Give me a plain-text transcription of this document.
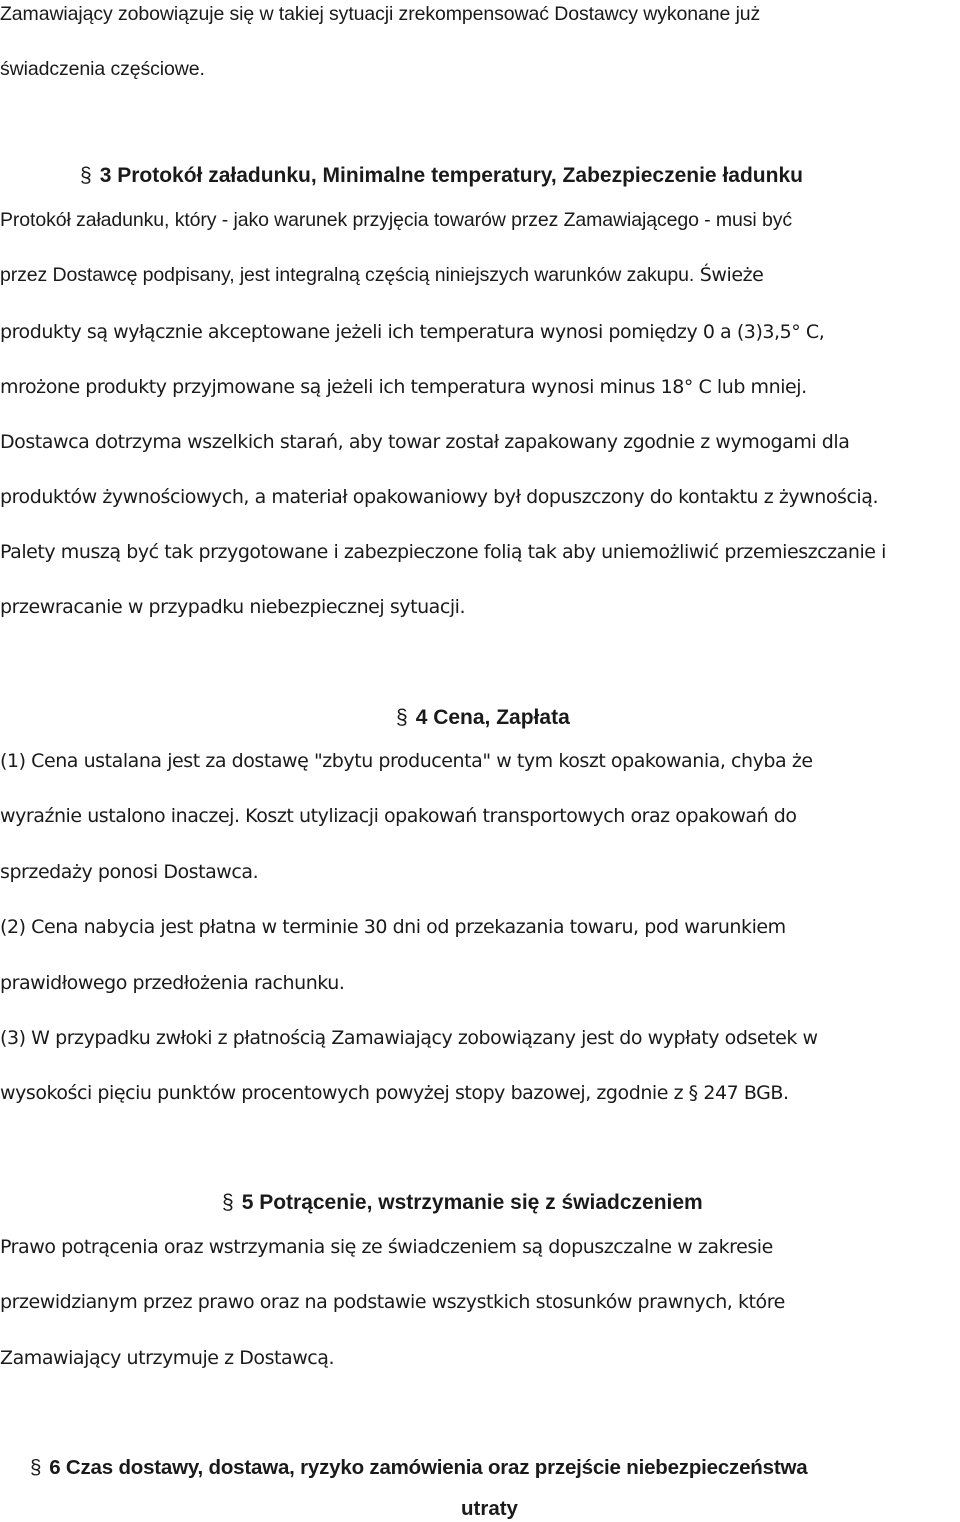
Zamawiający zobowiązuje się w takiej sytuacji zrekompensować Dostawcy wykonane już
świadczenia częściowe.
§ 3 Protokół załadunku, Minimalne temperatury, Zabezpieczenie ładunku
Protokół załadunku, który - jako warunek przyjęcia towarów przez Zamawiającego - musi być
przez Dostawcę podpisany, jest integralną częścią niniejszych warunków zakupu. Świeże
produkty są wyłącznie akceptowane jeżeli ich temperatura wynosi pomiędzy 0 a (3)3,5° C,
mrożone produkty przyjmowane są jeżeli ich temperatura wynosi minus 18° C lub mniej.
Dostawca dotrzyma wszelkich starań, aby towar został zapakowany zgodnie z wymogami dla
produktów żywnościowych, a materiał opakowaniowy był dopuszczony do kontaktu z żywnością.
Palety muszą być tak przygotowane i zabezpieczone folią tak aby uniemożliwić przemieszczanie i
przewracanie w przypadku niebezpiecznej sytuacji.
§ 4 Cena, Zapłata
(1) Cena ustalana jest za dostawę "zbytu producenta" w tym koszt opakowania, chyba że
wyraźnie ustalono inaczej. Koszt utylizacji opakowań transportowych oraz opakowań do
sprzedaży ponosi Dostawca.
(2) Cena nabycia jest płatna w terminie 30 dni od przekazania towaru, pod warunkiem
prawidłowego przedłożenia rachunku.
(3) W przypadku zwłoki z płatnością Zamawiający zobowiązany jest do wypłaty odsetek w
wysokości pięciu punktów procentowych powyżej stopy bazowej, zgodnie z § 247 BGB.
§ 5 Potrącenie, wstrzymanie się z świadczeniem
Prawo potrącenia oraz wstrzymania się ze świadczeniem są dopuszczalne w zakresie
przewidzianym przez prawo oraz na podstawie wszystkich stosunków prawnych, które
Zamawiający utrzymuje z Dostawcą.
§ 6 Czas dostawy, dostawa, ryzyko zamówienia oraz przejście niebezpieczeństwa
utraty
